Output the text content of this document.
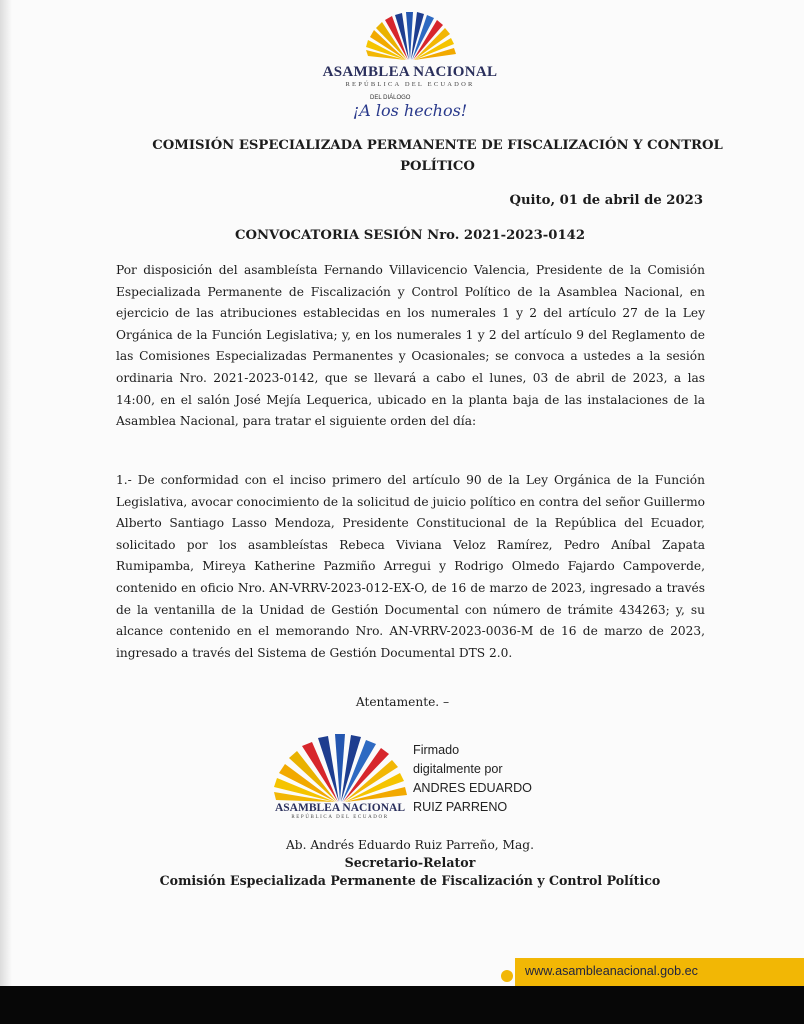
ASAMBLEA NACIONAL
REPÚBLICA DEL ECUADOR
DEL DIÁLOGO
¡A los hechos!
COMISIÓN ESPECIALIZADA PERMANENTE DE FISCALIZACIÓN Y CONTROL POLÍTICO
Quito, 01 de abril de 2023
CONVOCATORIA SESIÓN Nro. 2021-2023-0142

Por disposición del asambleísta Fernando Villavicencio Valencia, Presidente de la Comisión Especializada Permanente de Fiscalización y Control Político de la Asamblea Nacional, en ejercicio de las atribuciones establecidas en los numerales 1 y 2 del artículo 27 de la Ley Orgánica de la Función Legislativa; y, en los numerales 1 y 2 del artículo 9 del Reglamento de las Comisiones Especializadas Permanentes y Ocasionales; se convoca a ustedes a la sesión ordinaria Nro. 2021-2023-0142, que se llevará a cabo el lunes, 03 de abril de 2023, a las 14:00, en el salón José Mejía Lequerica, ubicado en la planta baja de las instalaciones de la Asamblea Nacional, para tratar el siguiente orden del día:

1.- De conformidad con el inciso primero del artículo 90 de la Ley Orgánica de la Función Legislativa, avocar conocimiento de la solicitud de juicio político en contra del señor Guillermo Alberto Santiago Lasso Mendoza, Presidente Constitucional de la República del Ecuador, solicitado por los asambleístas Rebeca Viviana Veloz Ramírez, Pedro Aníbal Zapata Rumipamba, Mireya Katherine Pazmiño Arregui y Rodrigo Olmedo Fajardo Campoverde, contenido en oficio Nro. AN-VRRV-2023-012-EX-O, de 16 de marzo de 2023, ingresado a través de la ventanilla de la Unidad de Gestión Documental con número de trámite 434263; y, su alcance contenido en el memorando Nro. AN-VRRV-2023-0036-M de 16 de marzo de 2023, ingresado a través del Sistema de Gestión Documental DTS 2.0.

Atentamente. –
ASAMBLEA NACIONAL
REPÚBLICA DEL ECUADOR
Firmado
digitalmente por
ANDRES EDUARDO
RUIZ PARRENO
Ab. Andrés Eduardo Ruiz Parreño, Mag.
Secretario-Relator
Comisión Especializada Permanente de Fiscalización y Control Político
www.asambleanacional.gob.ec
